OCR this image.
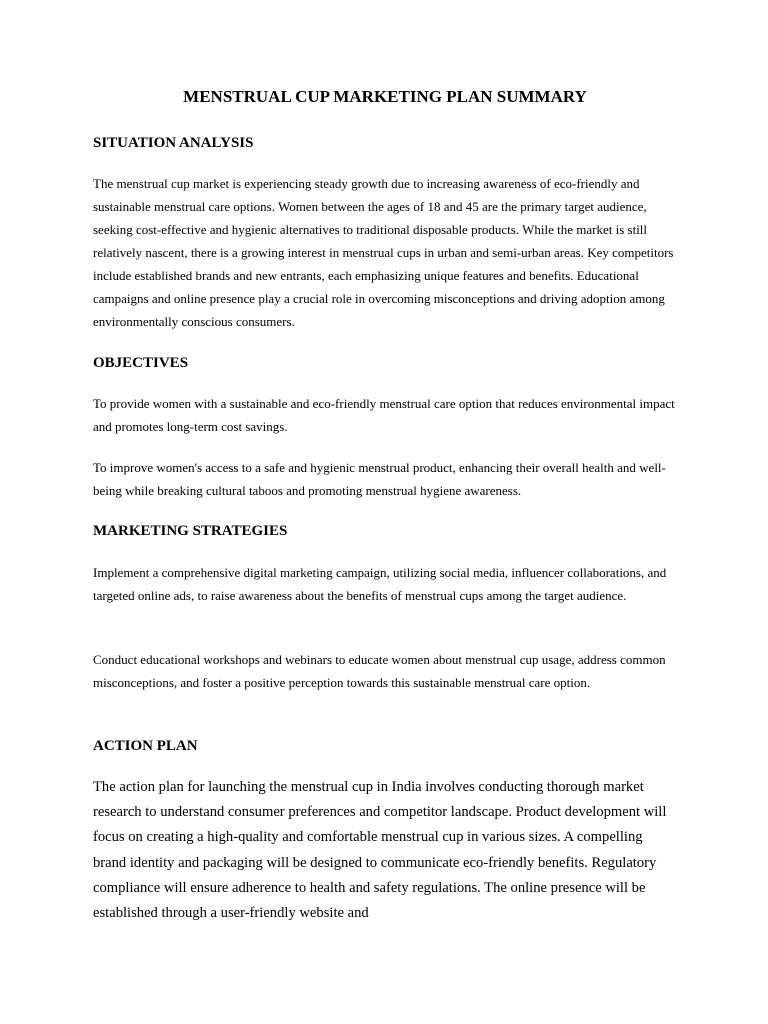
MENSTRUAL CUP MARKETING PLAN SUMMARY
SITUATION ANALYSIS

The menstrual cup market is experiencing steady growth due to increasing awareness of eco-friendly and sustainable menstrual care options. Women between the ages of 18 and 45 are the primary target audience, seeking cost-effective and hygienic alternatives to traditional disposable products. While the market is still relatively nascent, there is a growing interest in menstrual cups in urban and semi-urban areas. Key competitors include established brands and new entrants, each emphasizing unique features and benefits. Educational campaigns and online presence play a crucial role in overcoming misconceptions and driving adoption among environmentally conscious consumers.

OBJECTIVES

To provide women with a sustainable and eco-friendly menstrual care option that reduces environmental impact and promotes long-term cost savings.

To improve women's access to a safe and hygienic menstrual product, enhancing their overall health and well-being while breaking cultural taboos and promoting menstrual hygiene awareness.

MARKETING STRATEGIES

Implement a comprehensive digital marketing campaign, utilizing social media, influencer collaborations, and targeted online ads, to raise awareness about the benefits of menstrual cups among the target audience.

Conduct educational workshops and webinars to educate women about menstrual cup usage, address common misconceptions, and foster a positive perception towards this sustainable menstrual care option.

ACTION PLAN

The action plan for launching the menstrual cup in India involves conducting thorough market research to understand consumer preferences and competitor landscape. Product development will focus on creating a high-quality and comfortable menstrual cup in various sizes. A compelling brand identity and packaging will be designed to communicate eco-friendly benefits. Regulatory compliance will ensure adherence to health and safety regulations. The online presence will be established through a user-friendly website and
